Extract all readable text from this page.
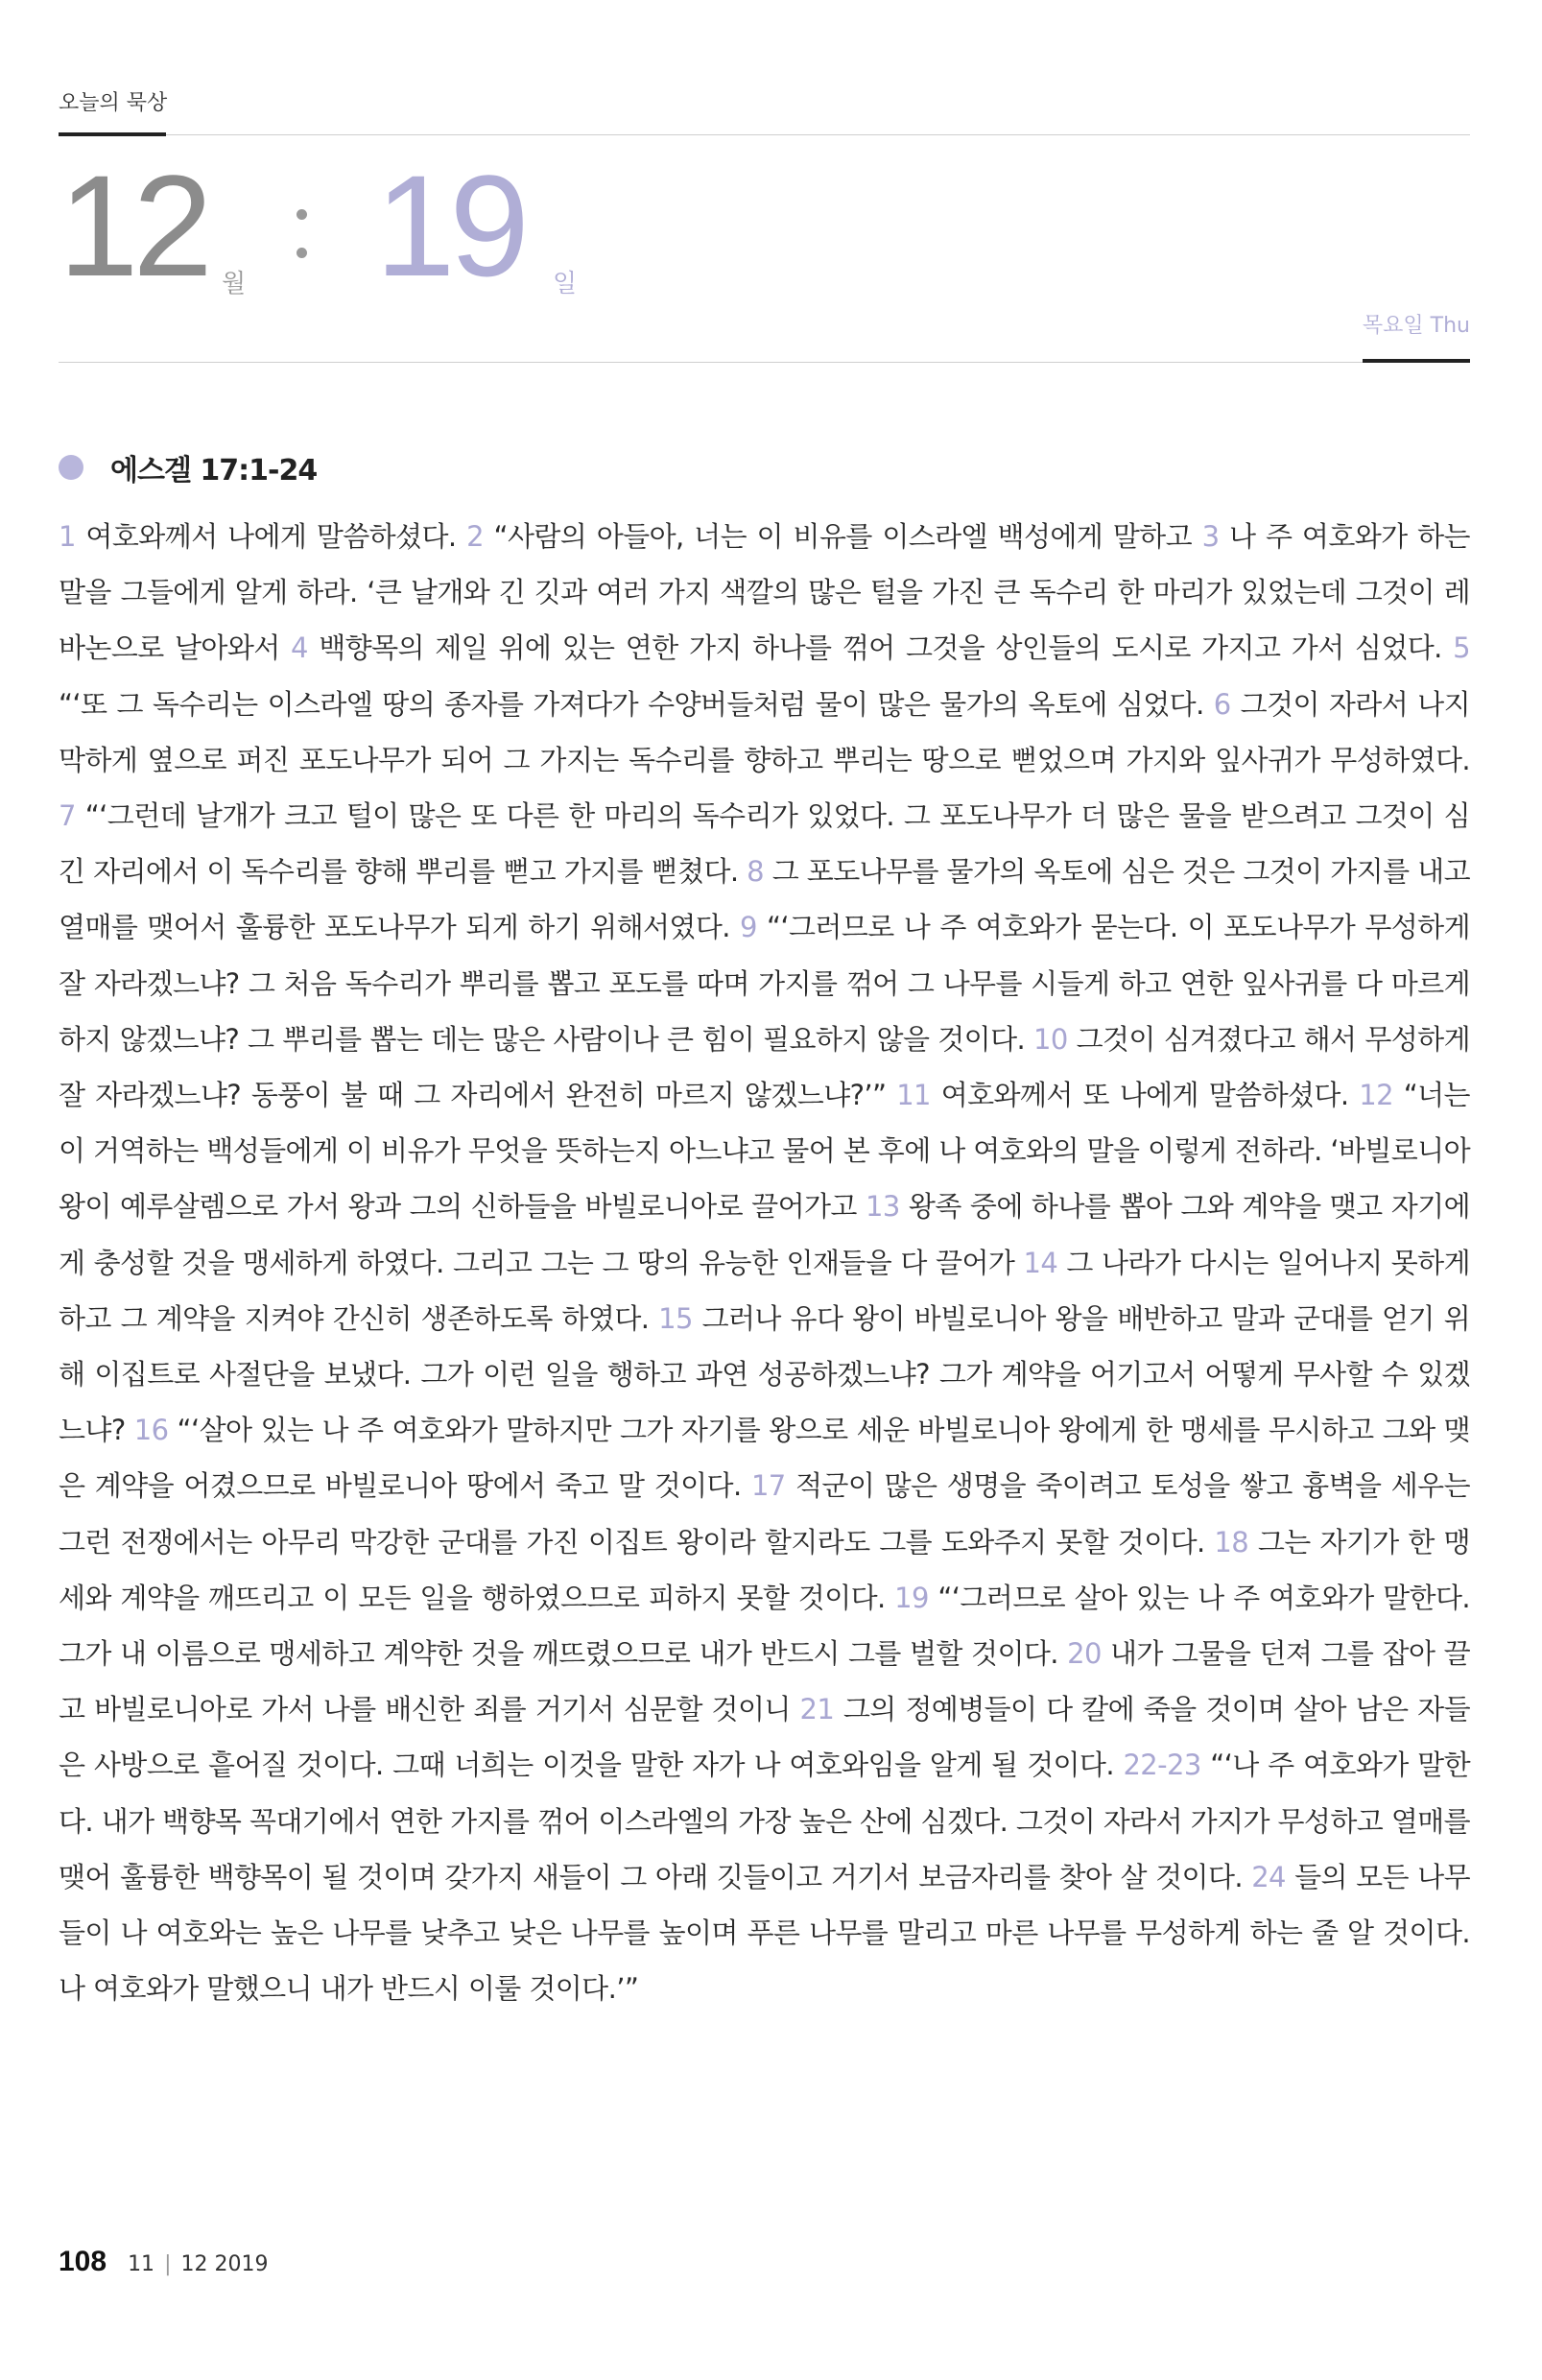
오늘의 묵상
12 월 19 일
목요일 Thu
에스겔 17:1-24
1 여호와께서 나에게 말씀하셨다. 2 “사람의 아들아, 너는 이 비유를 이스라엘 백성에게 말하고 3 나 주 여호와가 하는 말을 그들에게 알게 하라. ‘큰 날개와 긴 깃과 여러 가지 색깔의 많은 털을 가진 큰 독수리 한 마리가 있었는데 그것이 레바논으로 날아와서 4 백향목의 제일 위에 있는 연한 가지 하나를 꺾어 그것을 상인들의 도시로 가지고 가서 심었다. 5 “‘또 그 독수리는 이스라엘 땅의 종자를 가져다가 수양버들처럼 물이 많은 물가의 옥토에 심었다. 6 그것이 자라서 나지막하게 옆으로 퍼진 포도나무가 되어 그 가지는 독수리를 향하고 뿌리는 땅으로 뻗었으며 가지와 잎사귀가 무성하였다. 7 “‘그런데 날개가 크고 털이 많은 또 다른 한 마리의 독수리가 있었다. 그 포도나무가 더 많은 물을 받으려고 그것이 심긴 자리에서 이 독수리를 향해 뿌리를 뻗고 가지를 뻗쳤다. 8 그 포도나무를 물가의 옥토에 심은 것은 그것이 가지를 내고 열매를 맺어서 훌륭한 포도나무가 되게 하기 위해서였다. 9 “‘그러므로 나 주 여호와가 묻는다. 이 포도나무가 무성하게 잘 자라겠느냐? 그 처음 독수리가 뿌리를 뽑고 포도를 따며 가지를 꺾어 그 나무를 시들게 하고 연한 잎사귀를 다 마르게 하지 않겠느냐? 그 뿌리를 뽑는 데는 많은 사람이나 큰 힘이 필요하지 않을 것이다. 10 그것이 심겨졌다고 해서 무성하게 잘 자라겠느냐? 동풍이 불 때 그 자리에서 완전히 마르지 않겠느냐?’” 11 여호와께서 또 나에게 말씀하셨다. 12 “너는 이 거역하는 백성들에게 이 비유가 무엇을 뜻하는지 아느냐고 물어 본 후에 나 여호와의 말을 이렇게 전하라. ‘바빌로니아 왕이 예루살렘으로 가서 왕과 그의 신하들을 바빌로니아로 끌어가고 13 왕족 중에 하나를 뽑아 그와 계약을 맺고 자기에게 충성할 것을 맹세하게 하였다. 그리고 그는 그 땅의 유능한 인재들을 다 끌어가 14 그 나라가 다시는 일어나지 못하게 하고 그 계약을 지켜야 간신히 생존하도록 하였다. 15 그러나 유다 왕이 바빌로니아 왕을 배반하고 말과 군대를 얻기 위해 이집트로 사절단을 보냈다. 그가 이런 일을 행하고 과연 성공하겠느냐? 그가 계약을 어기고서 어떻게 무사할 수 있겠느냐? 16 “‘살아 있는 나 주 여호와가 말하지만 그가 자기를 왕으로 세운 바빌로니아 왕에게 한 맹세를 무시하고 그와 맺은 계약을 어겼으므로 바빌로니아 땅에서 죽고 말 것이다. 17 적군이 많은 생명을 죽이려고 토성을 쌓고 흉벽을 세우는 그런 전쟁에서는 아무리 막강한 군대를 가진 이집트 왕이라 할지라도 그를 도와주지 못할 것이다. 18 그는 자기가 한 맹세와 계약을 깨뜨리고 이 모든 일을 행하였으므로 피하지 못할 것이다. 19 “‘그러므로 살아 있는 나 주 여호와가 말한다. 그가 내 이름으로 맹세하고 계약한 것을 깨뜨렸으므로 내가 반드시 그를 벌할 것이다. 20 내가 그물을 던져 그를 잡아 끌고 바빌로니아로 가서 나를 배신한 죄를 거기서 심문할 것이니 21 그의 정예병들이 다 칼에 죽을 것이며 살아 남은 자들은 사방으로 흩어질 것이다. 그때 너희는 이것을 말한 자가 나 여호와임을 알게 될 것이다. 22-23 “‘나 주 여호와가 말한다. 내가 백향목 꼭대기에서 연한 가지를 꺾어 이스라엘의 가장 높은 산에 심겠다. 그것이 자라서 가지가 무성하고 열매를 맺어 훌륭한 백향목이 될 것이며 갖가지 새들이 그 아래 깃들이고 거기서 보금자리를 찾아 살 것이다. 24 들의 모든 나무들이 나 여호와는 높은 나무를 낮추고 낮은 나무를 높이며 푸른 나무를 말리고 마른 나무를 무성하게 하는 줄 알 것이다. 나 여호와가 말했으니 내가 반드시 이룰 것이다.’”
108 11 | 12 2019
